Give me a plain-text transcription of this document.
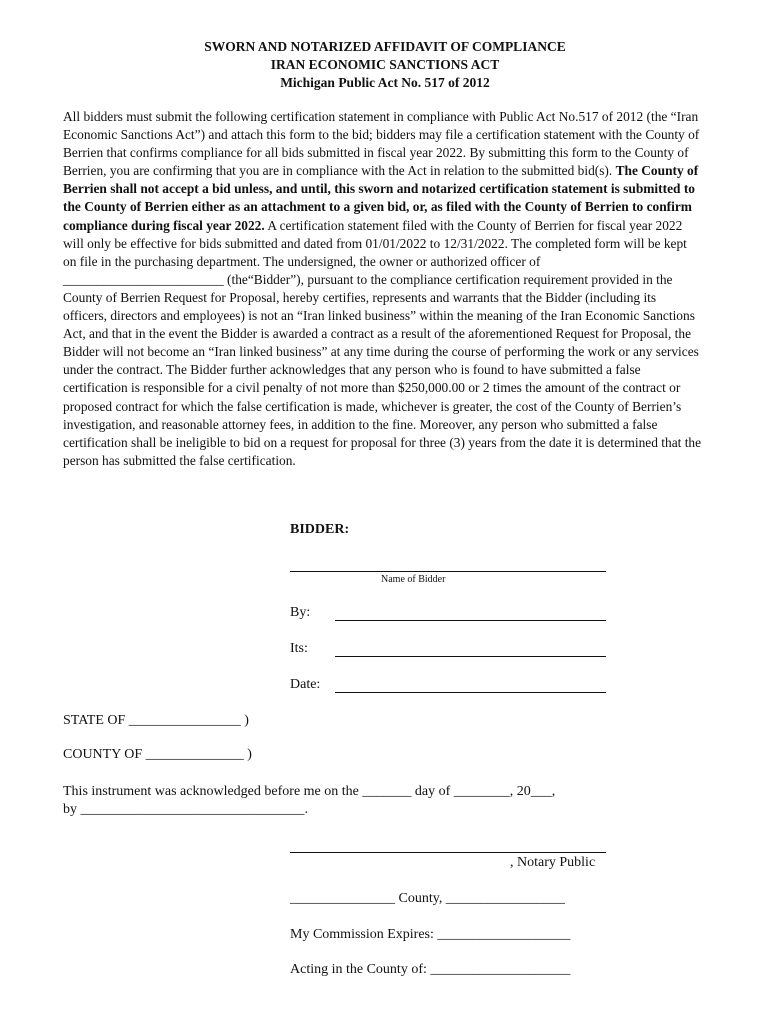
SWORN AND NOTARIZED AFFIDAVIT OF COMPLIANCE
IRAN ECONOMIC SANCTIONS ACT
Michigan Public Act No. 517 of 2012
All bidders must submit the following certification statement in compliance with Public Act No.517 of 2012 (the “Iran Economic Sanctions Act”) and attach this form to the bid; bidders may file a certification statement with the County of Berrien that confirms compliance for all bids submitted in fiscal year 2022. By submitting this form to the County of Berrien, you are confirming that you are in compliance with the Act in relation to the submitted bid(s). The County of Berrien shall not accept a bid unless, and until, this sworn and notarized certification statement is submitted to the County of Berrien either as an attachment to a given bid, or, as filed with the County of Berrien to confirm compliance during fiscal year 2022. A certification statement filed with the County of Berrien for fiscal year 2022 will only be effective for bids submitted and dated from 01/01/2022 to 12/31/2022. The completed form will be kept on file in the purchasing department. The undersigned, the owner or authorized officer of ________________________ (the“Bidder”), pursuant to the compliance certification requirement provided in the County of Berrien Request for Proposal, hereby certifies, represents and warrants that the Bidder (including its officers, directors and employees) is not an “Iran linked business” within the meaning of the Iran Economic Sanctions Act, and that in the event the Bidder is awarded a contract as a result of the aforementioned Request for Proposal, the Bidder will not become an “Iran linked business” at any time during the course of performing the work or any services under the contract. The Bidder further acknowledges that any person who is found to have submitted a false certification is responsible for a civil penalty of not more than $250,000.00 or 2 times the amount of the contract or proposed contract for which the false certification is made, whichever is greater, the cost of the County of Berrien’s investigation, and reasonable attorney fees, in addition to the fine. Moreover, any person who submitted a false certification shall be ineligible to bid on a request for proposal for three (3) years from the date it is determined that the person has submitted the false certification.
BIDDER:
Name of Bidder
By:
Its:
Date:
STATE OF ________________ )
COUNTY OF ______________ )
This instrument was acknowledged before me on the _______ day of ________, 20___,
by ________________________________.
, Notary Public
_______________ County, _________________
My Commission Expires: ___________________
Acting in the County of: ____________________
